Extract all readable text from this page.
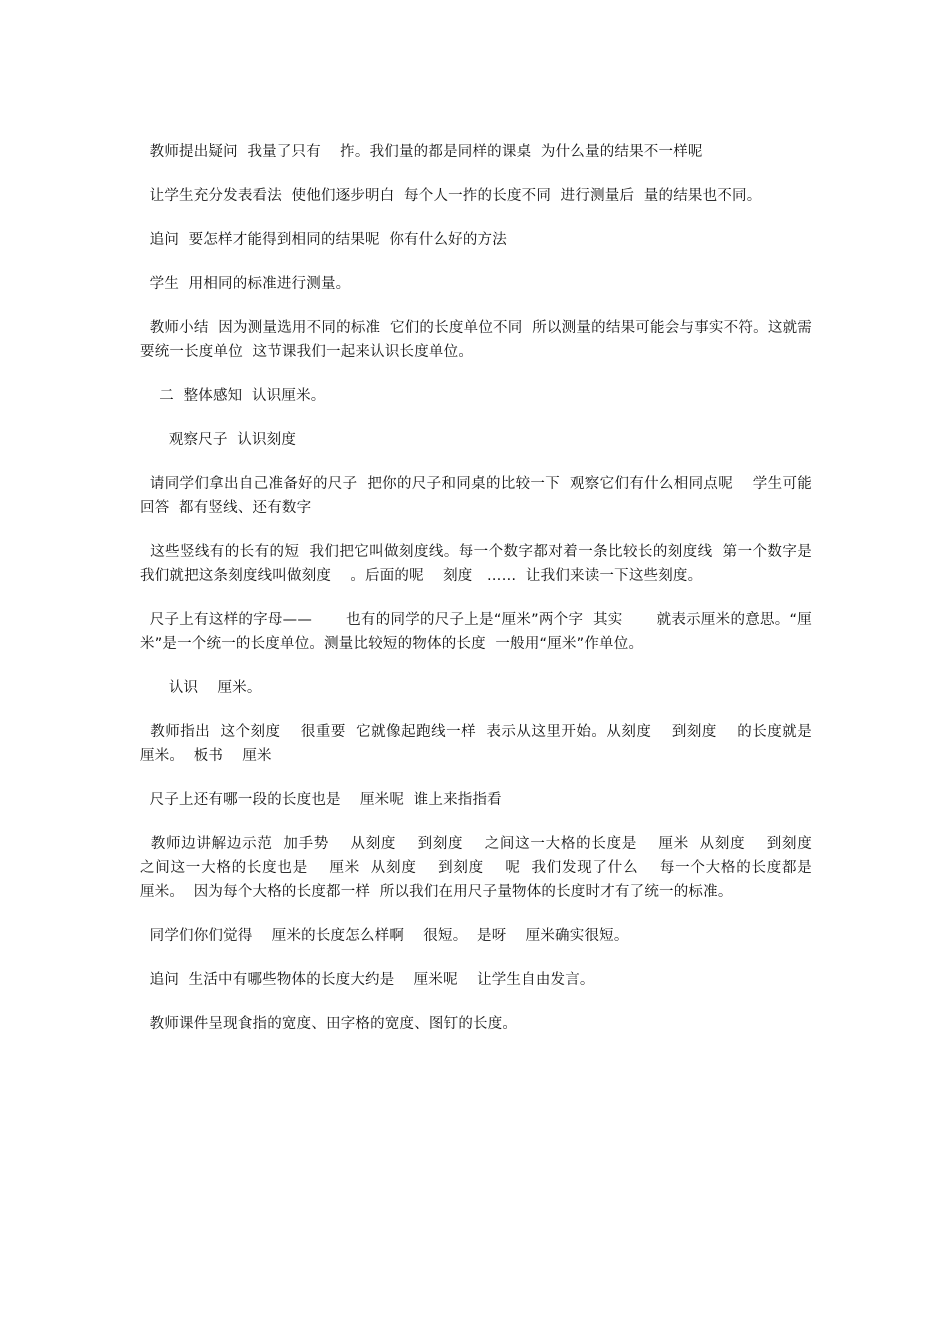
教师提出疑问  我量了只有    拃。我们量的都是同样的课桌  为什么量的结果不一样呢

让学生充分发表看法  使他们逐步明白  每个人一拃的长度不同  进行测量后  量的结果也不同。

追问  要怎样才能得到相同的结果呢  你有什么好的方法

学生  用相同的标准进行测量。

教师小结  因为测量选用不同的标准  它们的长度单位不同  所以测量的结果可能会与事实不符。这就需要统一长度单位  这节课我们一起来认识长度单位。

二  整体感知  认识厘米。

观察尺子  认识刻度

请同学们拿出自己准备好的尺子  把你的尺子和同桌的比较一下  观察它们有什么相同点呢    学生可能回答  都有竖线、还有数字

这些竖线有的长有的短  我们把它叫做刻度线。每一个数字都对着一条比较长的刻度线  第一个数字是      我们就把这条刻度线叫做刻度    。后面的呢    刻度   ……  让我们来读一下这些刻度。

尺子上有这样的字母——       也有的同学的尺子上是“厘米”两个字  其实       就表示厘米的意思。“厘米”是一个统一的长度单位。测量比较短的物体的长度  一般用“厘米”作单位。

认识    厘米。

教师指出  这个刻度    很重要  它就像起跑线一样  表示从这里开始。从刻度    到刻度    的长度就是    厘米。  板书    厘米

尺子上还有哪一段的长度也是    厘米呢  谁上来指指看

教师边讲解边示范  加手势    从刻度    到刻度    之间这一大格的长度是    厘米  从刻度    到刻度    之间这一大格的长度也是    厘米  从刻度    到刻度    呢  我们发现了什么    每一个大格的长度都是    厘米。  因为每个大格的长度都一样  所以我们在用尺子量物体的长度时才有了统一的标准。

同学们你们觉得    厘米的长度怎么样啊    很短。  是呀    厘米确实很短。

追问  生活中有哪些物体的长度大约是    厘米呢    让学生自由发言。

教师课件呈现食指的宽度、田字格的宽度、图钉的长度。
